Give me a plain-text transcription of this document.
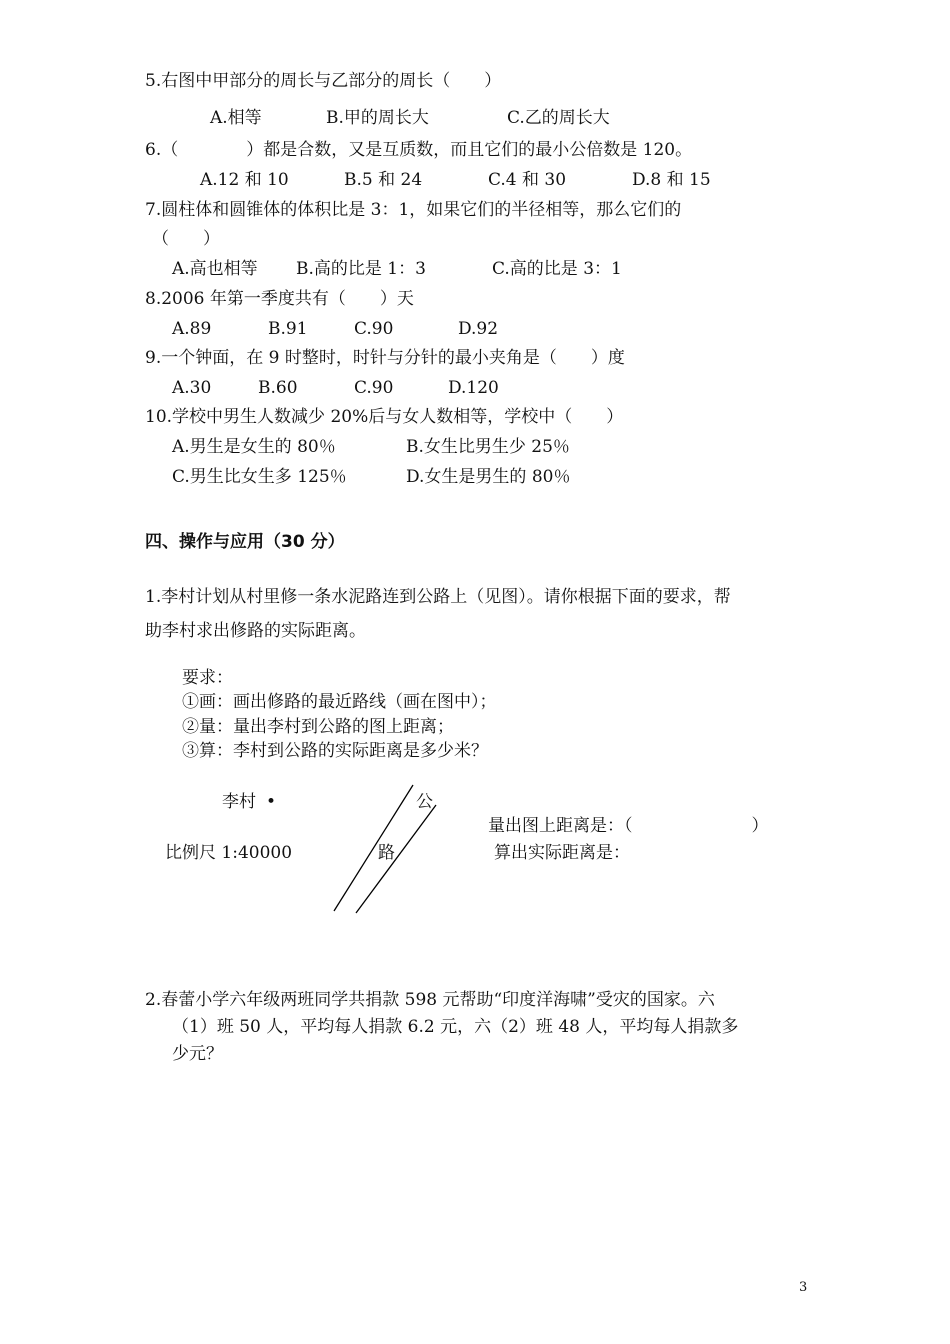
5.右图中甲部分的周长与乙部分的周长（　　）
A.相等	B.甲的周长大	C.乙的周长大
6.（　　　　）都是合数，又是互质数，而且它们的最小公倍数是 120。
A.12 和 10	B.5 和 24	C.4 和 30	D.8 和 15
7.圆柱体和圆锥体的体积比是 3：1，如果它们的半径相等，那么它们的
（　　）
A.高也相等 B.高的比是 1：3	C.高的比是 3：1
8.2006 年第一季度共有（　　）天
A.89	B.91	C.90	D.92
9.一个钟面，在 9 时整时，时针与分针的最小夹角是（　　）度
A.30	B.60	C.90	D.120
10.学校中男生人数减少 20%后与女人数相等，学校中（　　）
A.男生是女生的 80％	B.女生比男生少 25％
C.男生比女生多 125％	D.女生是男生的 80％
四、操作与应用（30 分）
1.李村计划从村里修一条水泥路连到公路上（见图）。请你根据下面的要求，帮
助李村求出修路的实际距离。
要求：
①画：画出修路的最近路线（画在图中）；
②量：量出李村到公路的图上距离；
③算：李村到公路的实际距离是多少米？
李村 •
比例尺 1:40000
公
路
量出图上距离是：（　　　　　　　）
算出实际距离是：
2.春蕾小学六年级两班同学共捐款 598 元帮助“印度洋海啸”受灾的国家。六
（1）班 50 人，平均每人捐款 6.2 元，六（2）班 48 人，平均每人捐款多
少元？
3
